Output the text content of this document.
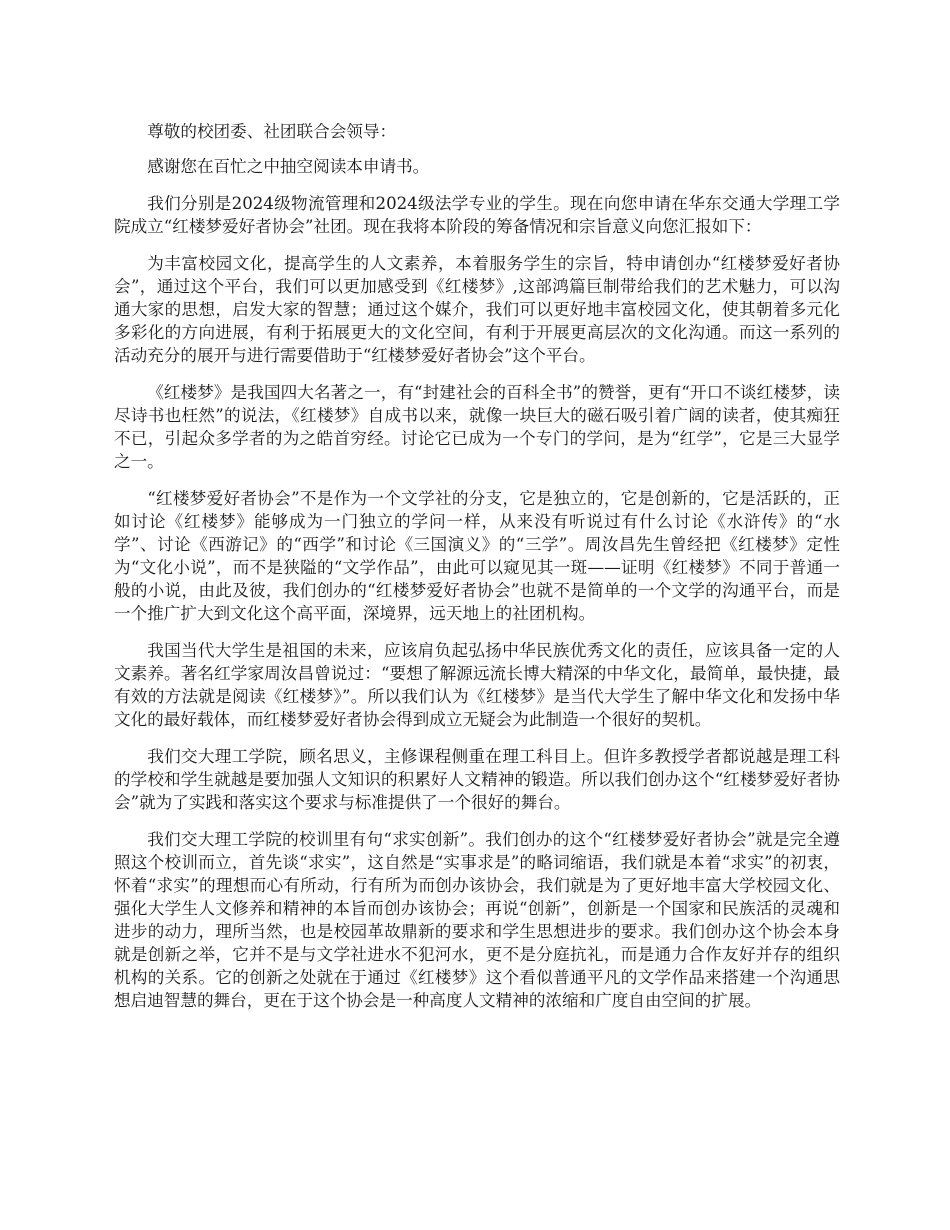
尊敬的校团委、社团联合会领导：

感谢您在百忙之中抽空阅读本申请书。

我们分别是2024级物流管理和2024级法学专业的学生。现在向您申请在华东交通大学理工学院成立“红楼梦爱好者协会”社团。现在我将本阶段的筹备情况和宗旨意义向您汇报如下：

为丰富校园文化，提高学生的人文素养，本着服务学生的宗旨，特申请创办“红楼梦爱好者协会”，通过这个平台，我们可以更加感受到《红楼梦》,这部鸿篇巨制带给我们的艺术魅力，可以沟通大家的思想，启发大家的智慧；通过这个媒介，我们可以更好地丰富校园文化，使其朝着多元化多彩化的方向进展，有利于拓展更大的文化空间，有利于开展更高层次的文化沟通。而这一系列的活动充分的展开与进行需要借助于“红楼梦爱好者协会”这个平台。

《红楼梦》是我国四大名著之一，有“封建社会的百科全书”的赞誉，更有“开口不谈红楼梦，读尽诗书也枉然”的说法，《红楼梦》自成书以来，就像一块巨大的磁石吸引着广阔的读者，使其痴狂不已，引起众多学者的为之皓首穷经。讨论它已成为一个专门的学问，是为“红学”，它是三大显学之一。

“红楼梦爱好者协会”不是作为一个文学社的分支，它是独立的，它是创新的，它是活跃的，正如讨论《红楼梦》能够成为一门独立的学问一样，从来没有听说过有什么讨论《水浒传》的“水学”、讨论《西游记》的“西学”和讨论《三国演义》的“三学”。周汝昌先生曾经把《红楼梦》定性为“文化小说”，而不是狭隘的“文学作品”，由此可以窥见其一斑——证明《红楼梦》不同于普通一般的小说，由此及彼，我们创办的“红楼梦爱好者协会”也就不是简单的一个文学的沟通平台，而是一个推广扩大到文化这个高平面，深境界，远天地上的社团机构。

我国当代大学生是祖国的未来，应该肩负起弘扬中华民族优秀文化的责任，应该具备一定的人文素养。著名红学家周汝昌曾说过：“要想了解源远流长博大精深的中华文化，最简单，最快捷，最有效的方法就是阅读《红楼梦》”。所以我们认为《红楼梦》是当代大学生了解中华文化和发扬中华文化的最好载体，而红楼梦爱好者协会得到成立无疑会为此制造一个很好的契机。

我们交大理工学院，顾名思义，主修课程侧重在理工科目上。但许多教授学者都说越是理工科的学校和学生就越是要加强人文知识的积累好人文精神的锻造。所以我们创办这个“红楼梦爱好者协会”就为了实践和落实这个要求与标准提供了一个很好的舞台。

我们交大理工学院的校训里有句“求实创新”。我们创办的这个“红楼梦爱好者协会”就是完全遵照这个校训而立，首先谈“求实”，这自然是“实事求是”的略词缩语，我们就是本着“求实”的初衷，怀着“求实”的理想而心有所动，行有所为而创办该协会，我们就是为了更好地丰富大学校园文化、强化大学生人文修养和精神的本旨而创办该协会；再说“创新”，创新是一个国家和民族活的灵魂和进步的动力，理所当然，也是校园革故鼎新的要求和学生思想进步的要求。我们创办这个协会本身就是创新之举，它并不是与文学社进水不犯河水，更不是分庭抗礼，而是通力合作友好并存的组织机构的关系。它的创新之处就在于通过《红楼梦》这个看似普通平凡的文学作品来搭建一个沟通思想启迪智慧的舞台，更在于这个协会是一种高度人文精神的浓缩和广度自由空间的扩展。
